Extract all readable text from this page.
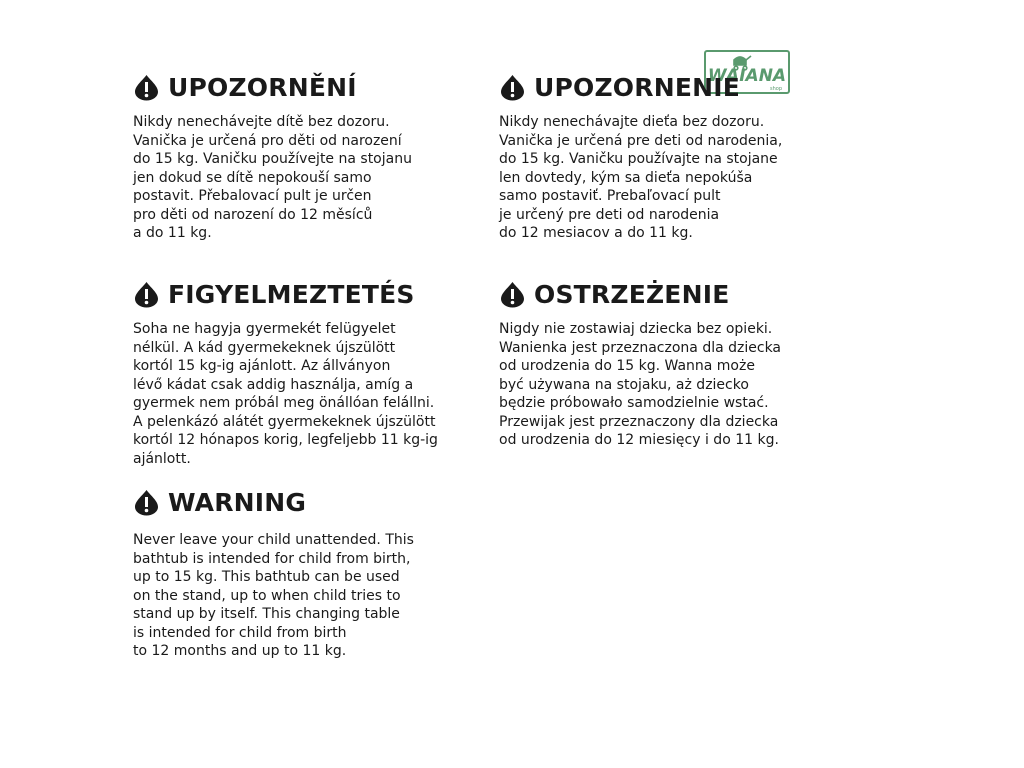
WAIANA
shop
UPOZORNĚNÍ
Nikdy nenechávejte dítě bez dozoru.
Vanička je určená pro děti od narození
do 15 kg. Vaničku používejte na stojanu
jen dokud se dítě nepokouší samo
postavit. Přebalovací pult je určen
pro děti od narození do 12 měsíců
a do 11 kg.
UPOZORNENIE
Nikdy nenechávajte dieťa bez dozoru.
Vanička je určená pre deti od narodenia,
do 15 kg. Vaničku používajte na stojane
len dovtedy, kým sa dieťa nepokúša
samo postaviť. Prebaľovací pult
je určený pre deti od narodenia
do 12 mesiacov a do 11 kg.
FIGYELMEZTETÉS
Soha ne hagyja gyermekét felügyelet
nélkül. A kád gyermekeknek újszülött
kortól 15 kg-ig ajánlott. Az állványon
lévő kádat csak addig használja, amíg a
gyermek nem próbál meg önállóan felállni.
A pelenkázó alátét gyermekeknek újszülött
kortól 12 hónapos korig, legfeljebb 11 kg-ig
ajánlott.
OSTRZEŻENIE
Nigdy nie zostawiaj dziecka bez opieki.
Wanienka jest przeznaczona dla dziecka
od urodzenia do 15 kg. Wanna może
być używana na stojaku, aż dziecko
będzie próbowało samodzielnie wstać.
Przewijak jest przeznaczony dla dziecka
od urodzenia do 12 miesięcy i do 11 kg.
WARNING
Never leave your child unattended. This
bathtub is intended for child from birth,
up to 15 kg. This bathtub can be used
on the stand, up to when child tries to
stand up by itself. This changing table
is intended for child from birth
to 12 months and up to 11 kg.
